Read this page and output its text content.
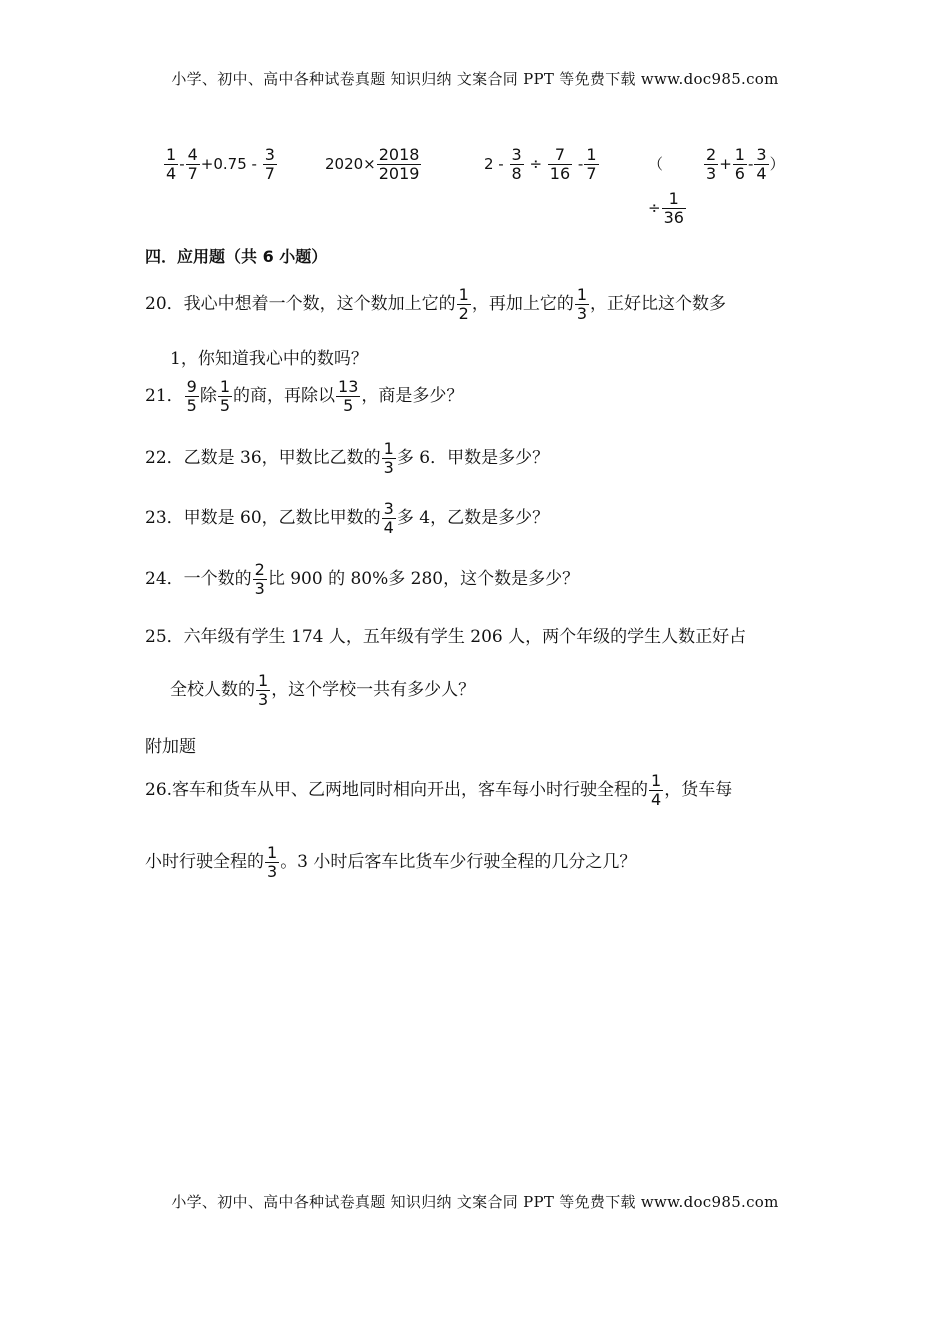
小学、初中、高中各种试卷真题 知识归纳 文案合同 PPT 等免费下载 www.doc985.com
$\frac{1}{4} - \frac{4}{7} +0.75 - \frac{3}{7}$	$2020\times \frac{2018}{2019}$	$2 - \frac{3}{8} \div \frac{7}{16} - \frac{1}{7}$	（	$\frac{2}{3} + \frac{1}{6} - \frac{3}{4}$ ）
÷ $\frac{1}{36}$
四．应用题（共 6 小题）
20．我心中想着一个数，这个数加上它的 $\frac{1}{2}$ ，再加上它的 $\frac{1}{3}$ ，正好比这个数多
1，你知道我心中的数吗？
21． $\frac{9}{5}$ 除 $\frac{1}{5}$ 的商，再除以 $\frac{13}{5}$ ，商是多少？
22．乙数是 36，甲数比乙数的 $\frac{1}{3}$ 多 6．甲数是多少？
23．甲数是 60，乙数比甲数的 $\frac{3}{4}$ 多 4，乙数是多少？
24．一个数的 $\frac{2}{3}$ 比 900 的 80%多 280，这个数是多少？
25．六年级有学生 174 人，五年级有学生 206 人，两个年级的学生人数正好占
全校人数的 $\frac{1}{3}$ ，这个学校一共有多少人？
附加题
26.客车和货车从甲、乙两地同时相向开出，客车每小时行驶全程的 $\frac{1}{4}$ ，货车每
小时行驶全程的 $\frac{1}{3}$ 。3 小时后客车比货车少行驶全程的几分之几？
小学、初中、高中各种试卷真题 知识归纳 文案合同 PPT 等免费下载 www.doc985.com
